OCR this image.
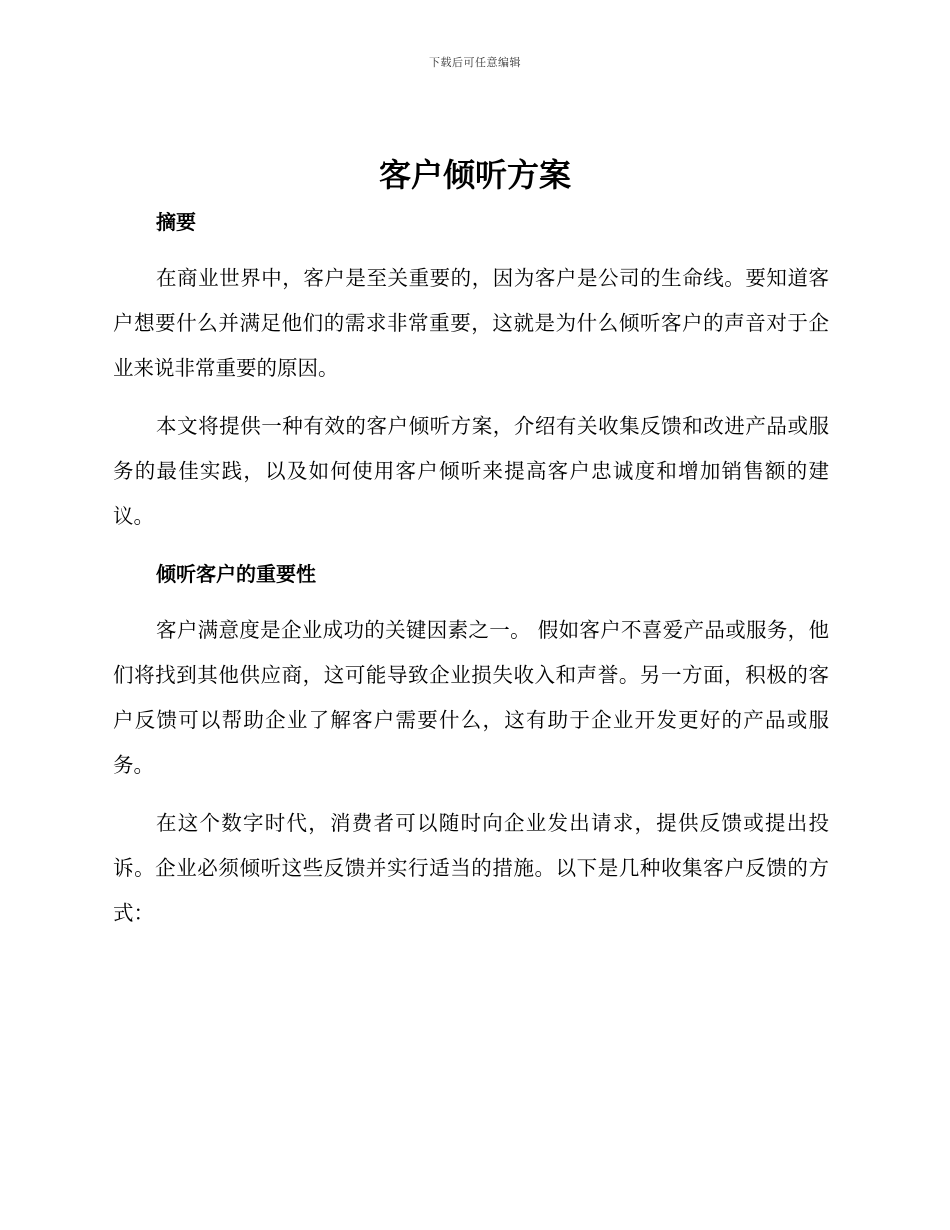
下载后可任意编辑
客户倾听方案
摘要
在商业世界中，客户是至关重要的，因为客户是公司的生命线。要知道客户想要什么并满足他们的需求非常重要，这就是为什么倾听客户的声音对于企业来说非常重要的原因。
本文将提供一种有效的客户倾听方案，介绍有关收集反馈和改进产品或服务的最佳实践，以及如何使用客户倾听来提高客户忠诚度和增加销售额的建议。
倾听客户的重要性
客户满意度是企业成功的关键因素之一。 假如客户不喜爱产品或服务，他们将找到其他供应商，这可能导致企业损失收入和声誉。另一方面，积极的客户反馈可以帮助企业了解客户需要什么，这有助于企业开发更好的产品或服务。
在这个数字时代，消费者可以随时向企业发出请求，提供反馈或提出投诉。企业必须倾听这些反馈并实行适当的措施。以下是几种收集客户反馈的方式：
